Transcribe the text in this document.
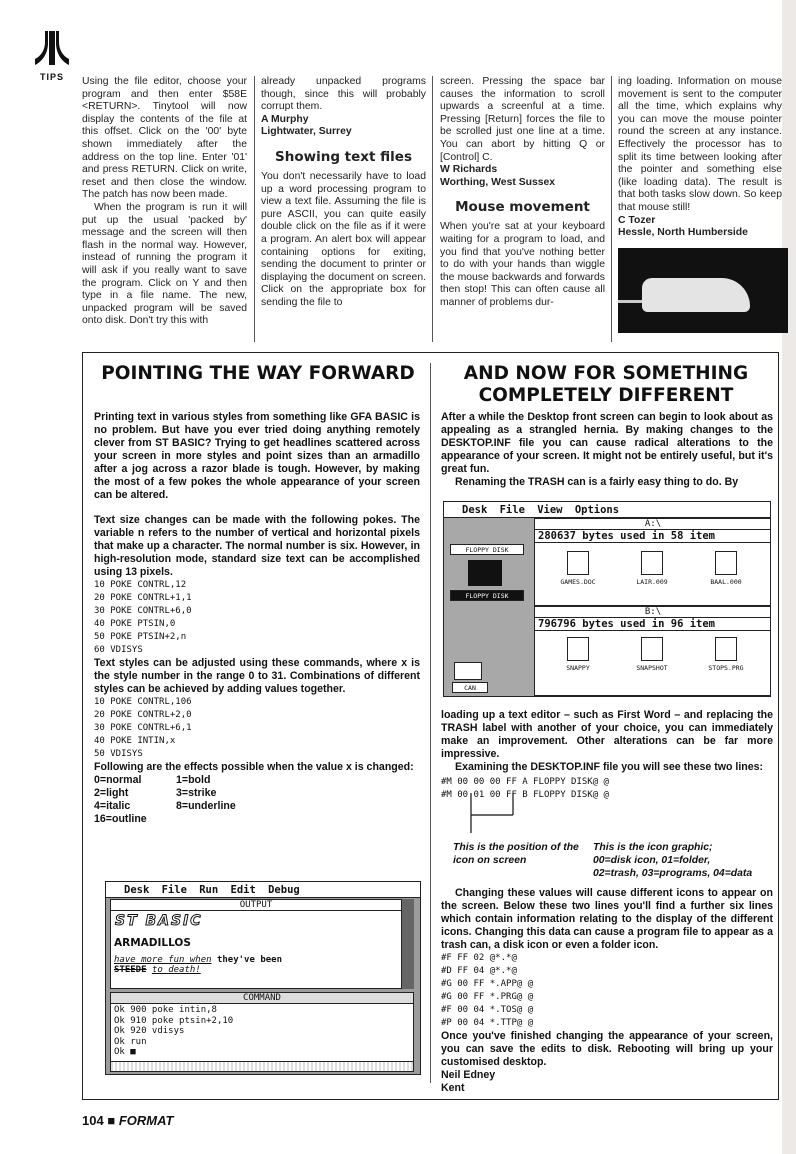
TIPS	Using the file editor, choose your program and then enter $58E <RETURN>. Tinytool will now display the contents of the file at this offset. Click on the '00' byte shown immediately after the address on the top line. Enter '01' and press RETURN. Click on write, reset and then close the window. The patch has now been made.

When the program is run it will put up the usual 'packed by' message and the screen will then flash in the normal way. However, instead of running the program it will ask if you really want to save the program. Click on Y and then type in a file name. The new, unpacked program will be saved onto disk. Don't try this with

already unpacked programs though, since this will probably corrupt them.

A Murphy
Lightwater, Surrey
Showing text files

You don't necessarily have to load up a word processing program to view a text file. Assuming the file is pure ASCII, you can quite easily double click on the file as if it were a program. An alert box will appear containing options for exiting, sending the document to printer or displaying the document on screen. Click on the appropriate box for sending the file to

screen. Pressing the space bar causes the information to scroll upwards a screenful at a time. Pressing [Return] forces the file to be scrolled just one line at a time. You can abort by hitting Q or [Control] C.

W Richards
Worthing, West Sussex
Mouse movement

When you're sat at your keyboard waiting for a program to load, and you find that you've nothing better to do with your hands than wiggle the mouse backwards and forwards then stop! This can often cause all manner of problems dur-

ing loading. Information on mouse movement is sent to the computer all the time, which explains why you can move the mouse pointer round the screen at any instance. Effectively the processor has to split its time between looking after the pointer and something else (like loading data). The result is that both tasks slow down. So keep that mouse still!

C Tozer
Hessle, North Humberside
POINTING THE WAY FORWARD

Printing text in various styles from something like GFA BASIC is no problem. But have you ever tried doing anything remotely clever from ST BASIC? Trying to get headlines scattered across your screen in more styles and point sizes than an armadillo after a jog across a razor blade is tough. However, by making the most of a few pokes the whole appearance of your screen can be altered.

Text size changes can be made with the following pokes. The variable n refers to the number of vertical and horizontal pixels that make up a character. The normal number is six. However, in high-resolution mode, standard size text can be accomplished using 13 pixels.

10 POKE CONTRL,12
20 POKE CONTRL+1,1
30 POKE CONTRL+6,0
40 POKE PTSIN,0
50 POKE PTSIN+2,n
60 VDISYS

Text styles can be adjusted using these commands, where x is the style number in the range 0 to 31. Combinations of different styles can be achieved by adding values together.

10 POKE CONTRL,106
20 POKE CONTRL+2,0
30 POKE CONTRL+6,1
40 POKE INTIN,x
50 VDISYS

Following are the effects possible when the value x is changed:

0=normal	1=bold
2=light	3=strike
4=italic	8=underline
16=outline
Desk File Run Edit Debug
OUTPUT
ST BASIC
ARMADILLOS
have more fun when they've been
STEEDE to death!
COMMAND
Ok 900 poke intin,8
Ok 910 poke ptsin+2,10
Ok 920 vdisys
Ok run
Ok ■
AND NOW FOR SOMETHING COMPLETELY DIFFERENT

After a while the Desktop front screen can begin to look about as appealing as a strangled hernia. By making changes to the DESKTOP.INF file you can cause radical alterations to the appearance of your screen. It might not be entirely useful, but it's great fun.

Renaming the TRASH can is a fairly easy thing to do. By

Desk File View Options
FLOPPY DISK
FLOPPY DISK
CAN
A:\
280637 bytes used in 58 item
GAMES.DOC	LAIR.009	BAAL.000
B:\
796796 bytes used in 96 item
SNAPPY	SNAPSHOT	STOPS.PRG

loading up a text editor – such as First Word – and replacing the TRASH label with another of your choice, you can immediately make an improvement. Other alterations can be far more impressive.

Examining the DESKTOP.INF file you will see these two lines:

#M 00 00 00 FF A FLOPPY DISK@ @
#M 00 01 00 FF B FLOPPY DISK@ @
This is the position of the icon on screen
This is the icon graphic;
00=disk icon, 01=folder,
02=trash, 03=programs, 04=data

Changing these values will cause different icons to appear on the screen. Below these two lines you'll find a further six lines which contain information relating to the display of the different icons. Changing this data can cause a program file to appear as a trash can, a disk icon or even a folder icon.

#F FF 02 @*.*@
#D FF 04 @*.*@
#G 00 FF *.APP@ @
#G 00 FF *.PRG@ @
#F 00 04 *.TOS@ @
#P 00 04 *.TTP@ @

Once you've finished changing the appearance of your screen, you can save the edits to disk. Rebooting will bring up your customised desktop.

Neil Edney
Kent
104 ■ FORMAT
